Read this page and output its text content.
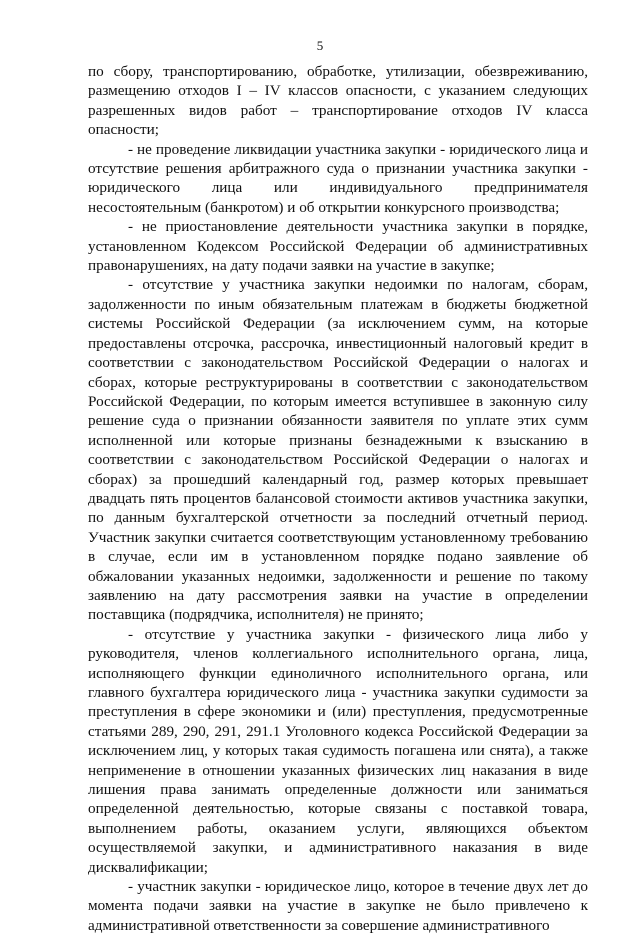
5

по сбору, транспортированию, обработке, утилизации, обезвреживанию, размещению отходов I – IV классов опасности, с указанием следующих разрешенных видов работ – транспортирование отходов IV класса опасности;

- не проведение ликвидации участника закупки - юридического лица и отсутствие решения арбитражного суда о признании участника закупки - юридического лица или индивидуального предпринимателя несостоятельным (банкротом) и об открытии конкурсного производства;

- не приостановление деятельности участника закупки в порядке, установленном Кодексом Российской Федерации об административных правонарушениях, на дату подачи заявки на участие в закупке;

- отсутствие у участника закупки недоимки по налогам, сборам, задолженности по иным обязательным платежам в бюджеты бюджетной системы Российской Федерации (за исключением сумм, на которые предоставлены отсрочка, рассрочка, инвестиционный налоговый кредит в соответствии с законодательством Российской Федерации о налогах и сборах, которые реструктурированы в соответствии с законодательством Российской Федерации, по которым имеется вступившее в законную силу решение суда о признании обязанности заявителя по уплате этих сумм исполненной или которые признаны безнадежными к взысканию в соответствии с законодательством Российской Федерации о налогах и сборах) за прошедший календарный год, размер которых превышает двадцать пять процентов балансовой стоимости активов участника закупки, по данным бухгалтерской отчетности за последний отчетный период. Участник закупки считается соответствующим установленному требованию в случае, если им в установленном порядке подано заявление об обжаловании указанных недоимки, задолженности и решение по такому заявлению на дату рассмотрения заявки на участие в определении поставщика (подрядчика, исполнителя) не принято;

- отсутствие у участника закупки - физического лица либо у руководителя, членов коллегиального исполнительного органа, лица, исполняющего функции единоличного исполнительного органа, или главного бухгалтера юридического лица - участника закупки судимости за преступления в сфере экономики и (или) преступления, предусмотренные статьями 289, 290, 291, 291.1 Уголовного кодекса Российской Федерации за исключением лиц, у которых такая судимость погашена или снята), а также неприменение в отношении указанных физических лиц наказания в виде лишения права занимать определенные должности или заниматься определенной деятельностью, которые связаны с поставкой товара, выполнением работы, оказанием услуги, являющихся объектом осуществляемой закупки, и административного наказания в виде дисквалификации;

- участник закупки - юридическое лицо, которое в течение двух лет до момента подачи заявки на участие в закупке не было привлечено к административной ответственности за совершение административного
